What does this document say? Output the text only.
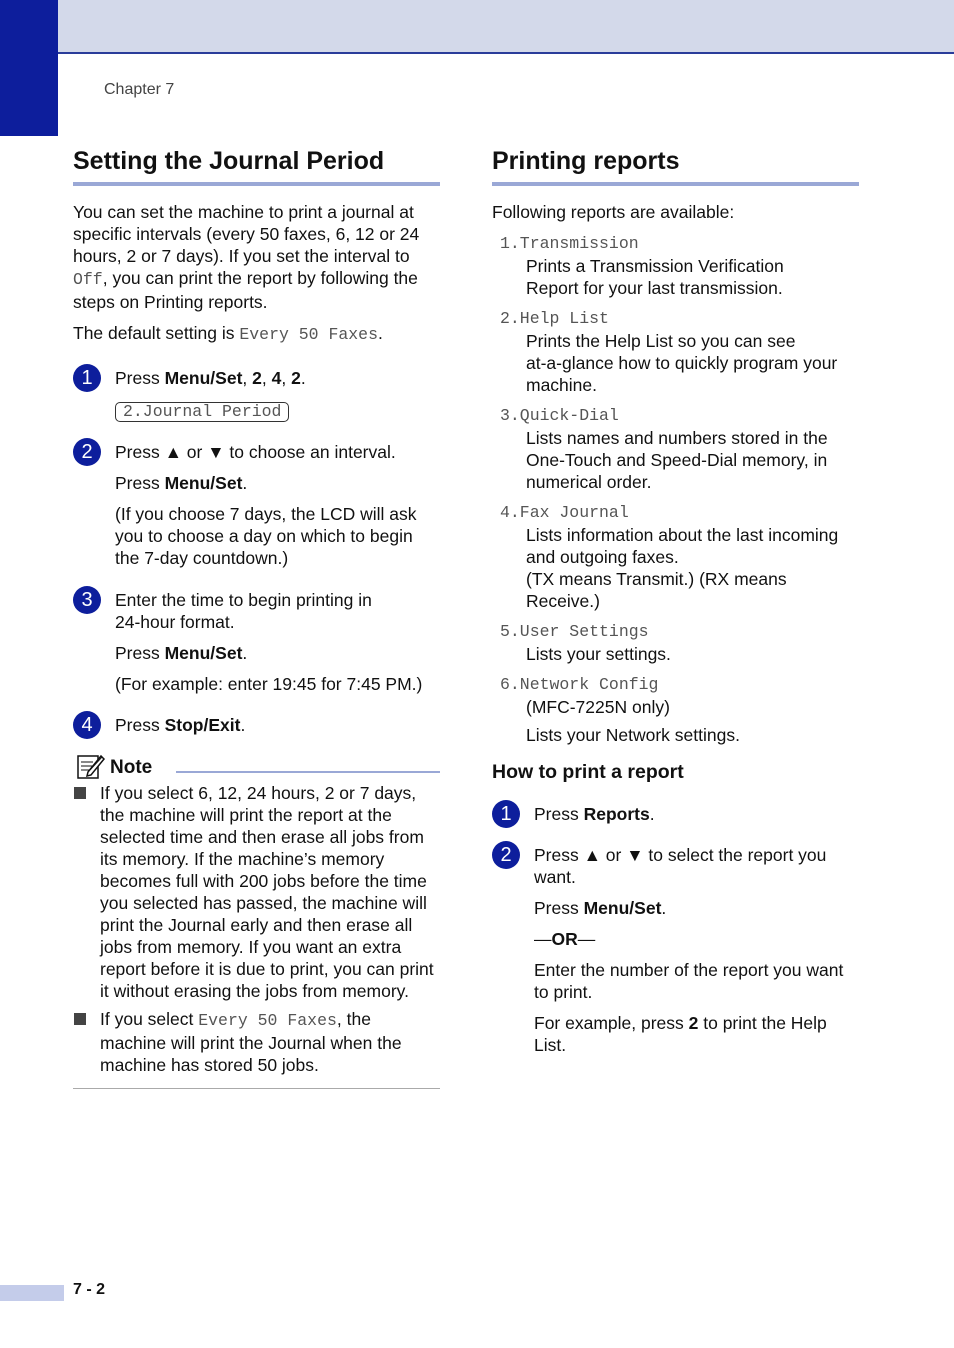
Chapter 7
Setting the Journal Period

You can set the machine to print a journal at specific intervals (every 50 faxes, 6, 12 or 24 hours, 2 or 7 days). If you set the interval to Off, you can print the report by following the steps on Printing reports.

The default setting is Every 50 Faxes.

1	Press Menu/Set, 2, 4, 2.

2.Journal Period

2	Press ▲ or ▼ to choose an interval.

Press Menu/Set.

(If you choose 7 days, the LCD will ask you to choose a day on which to begin the 7-day countdown.)

3	Enter the time to begin printing in

24-hour format.

Press Menu/Set.

(For example: enter 19:45 for 7:45 PM.)

4	Press Stop/Exit.

Note

If you select 6, 12, 24 hours, 2 or 7 days, the machine will print the report at the selected time and then erase all jobs from its memory. If the machine’s memory becomes full with 200 jobs before the time you selected has passed, the machine will print the Journal early and then erase all jobs from memory. If you want an extra report before it is due to print, you can print it without erasing the jobs from memory.

If you select Every 50 Faxes, the machine will print the Journal when the machine has stored 50 jobs.

Printing reports

Following reports are available:

1.Transmission
Prints a Transmission Verification
Report for your last transmission.
2.Help List
Prints the Help List so you can see
at-a-glance how to quickly program your
machine.
3.Quick-Dial
Lists names and numbers stored in the
One-Touch and Speed-Dial memory, in
numerical order.
4.Fax Journal
Lists information about the last incoming
and outgoing faxes.
(TX means Transmit.) (RX means
Receive.)
5.User Settings
Lists your settings.
6.Network Config
(MFC-7225N only)
Lists your Network settings.
How to print a report
1	Press Reports.

2	Press ▲ or ▼ to select the report you want.

Press Menu/Set.

—OR—

Enter the number of the report you want to print.

For example, press 2 to print the Help List.

7 - 2
